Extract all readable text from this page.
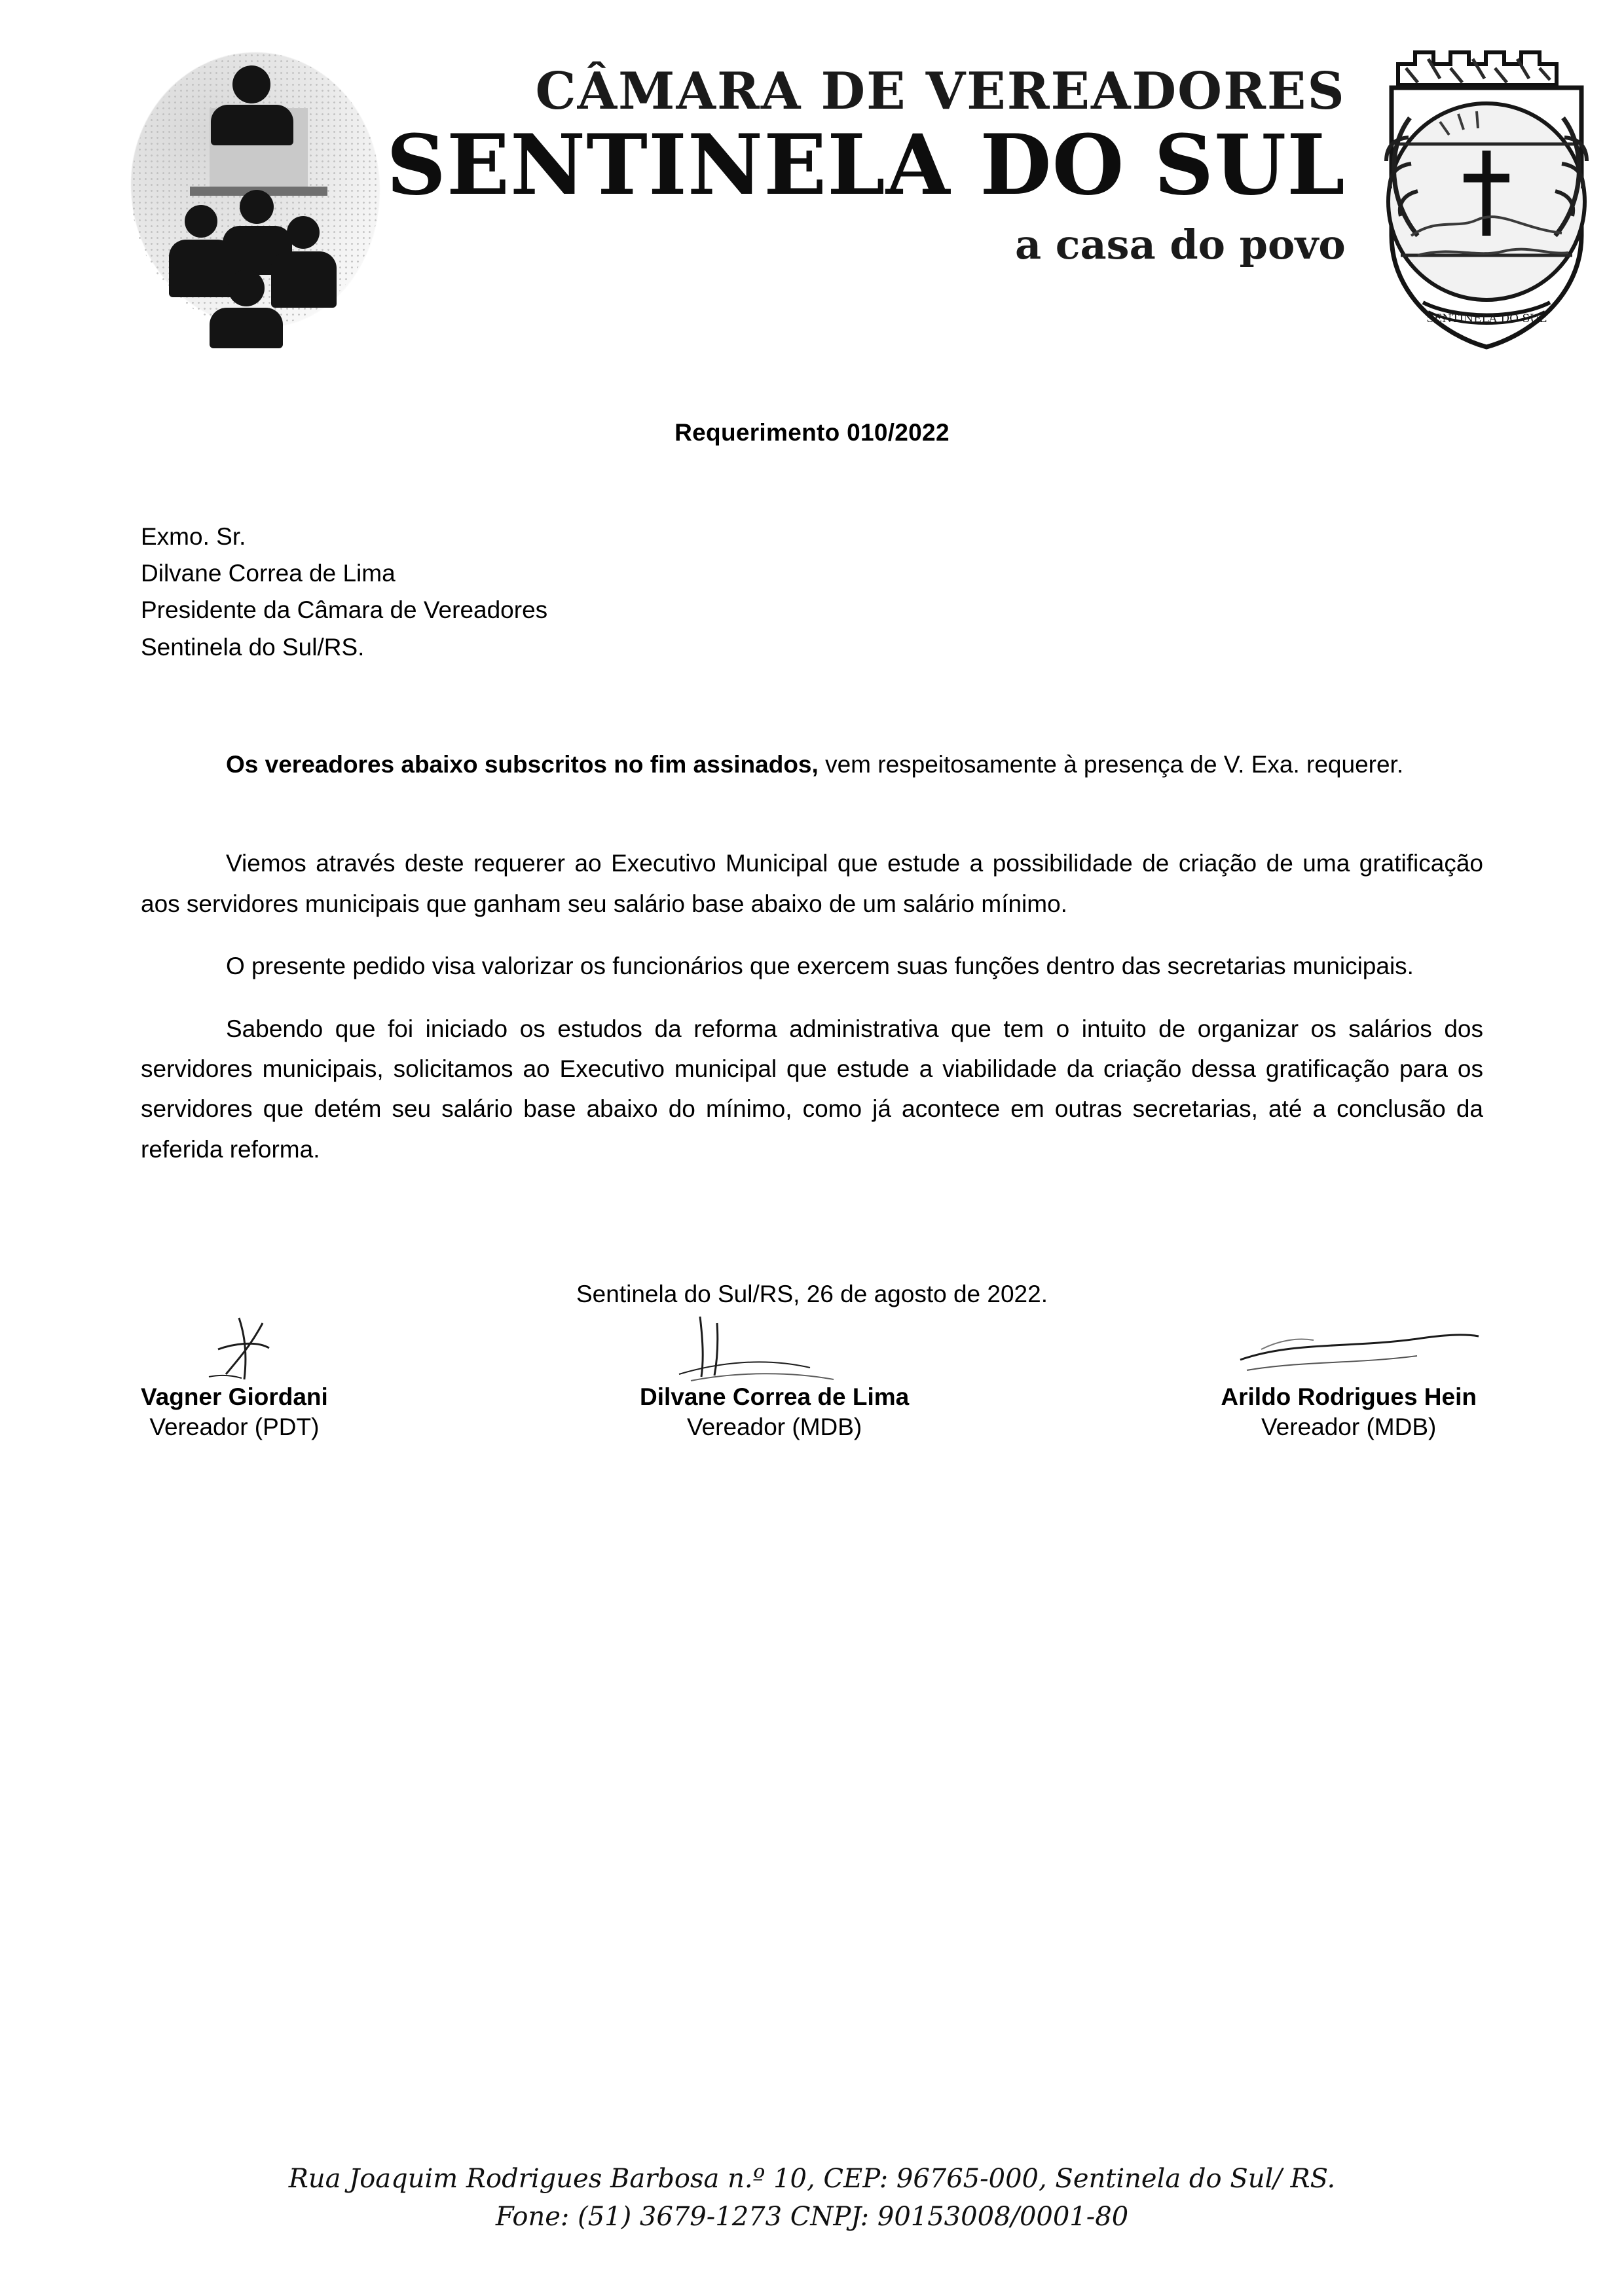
CÂMARA DE VEREADORES
SENTINELA DO SUL
a casa do povo
SENTINELA DO SUL
Requerimento 010/2022
Exmo. Sr.
Dilvane Correa de Lima
Presidente da Câmara de Vereadores
Sentinela do Sul/RS.

Os vereadores abaixo subscritos no fim assinados, vem respeitosamente à presença de V. Exa. requerer.

Viemos através deste requerer ao Executivo Municipal que estude a possibilidade de criação de uma gratificação aos servidores municipais que ganham seu salário base abaixo de um salário mínimo.

O presente pedido visa valorizar os funcionários que exercem suas funções dentro das secretarias municipais.

Sabendo que foi iniciado os estudos da reforma administrativa que tem o intuito de organizar os salários dos servidores municipais, solicitamos ao Executivo municipal que estude a viabilidade da criação dessa gratificação para os servidores que detém seu salário base abaixo do mínimo, como já acontece em outras secretarias, até a conclusão da referida reforma.

Sentinela do Sul/RS, 26 de agosto de 2022.
Vagner Giordani
Vereador (PDT)
Dilvane Correa de Lima
Vereador (MDB)
Arildo Rodrigues Hein
Vereador (MDB)
Rua Joaquim Rodrigues Barbosa n.º 10, CEP: 96765-000, Sentinela do Sul/ RS.
Fone: (51) 3679-1273 CNPJ: 90153008/0001-80
